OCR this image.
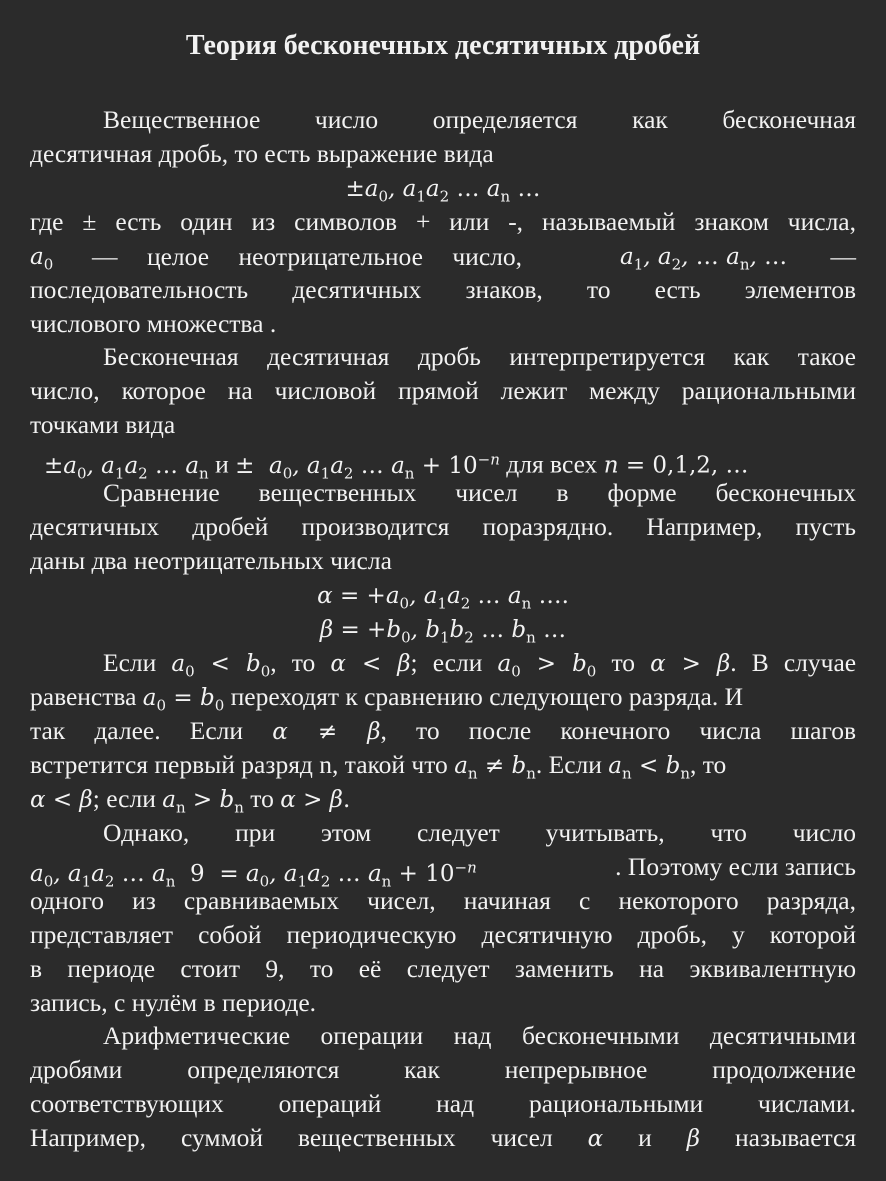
Теория бесконечных десятичных дробей
Вещественное число определяется как бесконечная
десятичная дробь, то есть выражение вида
$\pm a_0$, $a_1a_2$ … $a_n$ …
где ± есть один из символов + или -, называемый знаком числа,
$a_0$ — целое неотрицательное число,	$a_1$, $a_2$, … $a_n$, … —
последовательность десятичных знаков, то есть элементов
числового множества .
Бесконечная десятичная дробь интерпретируется как такое
число, которое на числовой прямой лежит между рациональными
точками вида
$\pm a_0$, $a_1a_2$ … $a_n$ $и \pm a_0$, $a_1a_2$ … $a_n + 10^{-n}$ для всех n = 0,1,2, …
Сравнение вещественных чисел в форме бесконечных
десятичных дробей производится поразрядно. Например, пусть
даны два неотрицательных числа
$\alpha = +a_0$, $a_1a_2$ … $a_n$ ….
$\beta = +b_0$, $b_1b_2$ … $b_n$ …
Если $a_0 < b_0$, то α < β; если $a_0 > b_0$ то α > β. В случае
равенства $a_0 = b_0$ переходят к сравнению следующего разряда. И
так далее. Если α ≠ β, то после конечного числа шагов
встретится первый разряд n, такой что $a_n \ne b_n$. Если $a_n < b_n$, то
α < β; если $a_n > b_n$ то α > β.
Однако, при этом следует учитывать, что число
$a_0$, $a_1a_2$ … $a_n$  $9 = a_0$, $a_1a_2$ … $a_n + 10^{-n}$	. Поэтому если запись
одного из сравниваемых чисел, начиная с некоторого разряда,
представляет собой периодическую десятичную дробь, у которой
в периоде стоит 9, то её следует заменить на эквивалентную
запись, с нулём в периоде.
Арифметические операции над бесконечными десятичными
дробями определяются как непрерывное продолжение
соответствующих операций над рациональными числами.
Например, суммой вещественных чисел α и β называется
